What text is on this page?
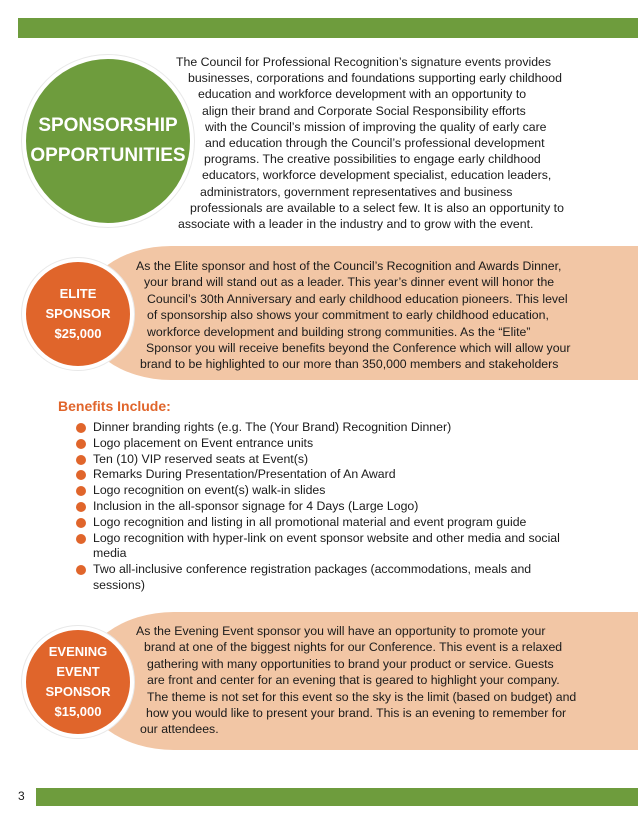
SPONSORSHIP
OPPORTUNITIES
The Council for Professional Recognition’s signature events provides
businesses, corporations and foundations supporting early childhood
education and workforce development with an opportunity to
align their brand and Corporate Social Responsibility efforts
with the Council’s mission of improving the quality of early care
and education through the Council’s professional development
programs. The creative possibilities to engage early childhood
educators, workforce development specialist, education leaders,
administrators, government representatives and business
professionals are available to a select few. It is also an opportunity to
associate with a leader in the industry and to grow with the event.
ELITE
SPONSOR
$25,000
As the Elite sponsor and host of the Council’s Recognition and Awards Dinner,
your brand will stand out as a leader. This year’s dinner event will honor the
Council’s 30th Anniversary and early childhood education pioneers. This level
of sponsorship also shows your commitment to early childhood education,
workforce development and building strong communities. As the “Elite”
Sponsor you will receive benefits beyond the Conference which will allow your
brand to be highlighted to our more than 350,000 members and stakeholders
Benefits Include:
Dinner branding rights (e.g. The (Your Brand) Recognition Dinner)
Logo placement on Event entrance units
Ten (10) VIP reserved seats at Event(s)
Remarks During Presentation/Presentation of An Award
Logo recognition on event(s) walk-in slides
Inclusion in the all-sponsor signage for 4 Days (Large Logo)
Logo recognition and listing in all promotional material and event program guide
Logo recognition with hyper-link on event sponsor website and other media and social media
Two all-inclusive conference registration packages (accommodations, meals and sessions)
EVENING
EVENT
SPONSOR
$15,000
As the Evening Event sponsor you will have an opportunity to promote your
brand at one of the biggest nights for our Conference. This event is a relaxed
gathering with many opportunities to brand your product or service. Guests
are front and center for an evening that is geared to highlight your company.
The theme is not set for this event so the sky is the limit (based on budget) and
how you would like to present your brand. This is an evening to remember for
our attendees.
3
